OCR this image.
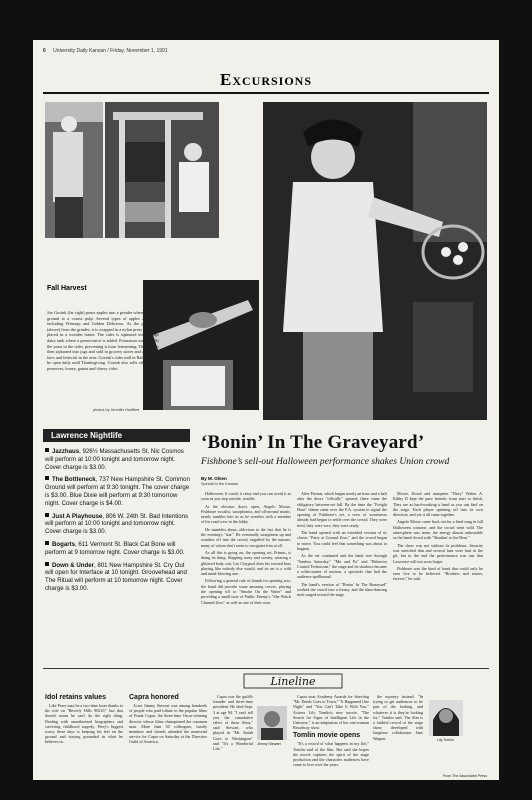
6 University Daily Kansan / Friday, November 1, 1991
Excursions
Fall Harvest
Joe Gosink (far right) pours apples into a grinder where they are ground to a coarse pulp. Several types of apples are used, including Winesap and Golden Delicious. As the pulp falls (above) from the grinder, it is wrapped in a nylon press cloth and placed in a wooden frame. The cider is siphoned into a large dairy tank where a preservative is added. Potassium sorbate kills the yeast in the cider, preventing it from fermenting. The cider is then siphoned into jugs and sold in grocery stores and at various fairs and festivals in the area. Gosink's cider mill in Baldwin will be open daily until Thanksgiving. Gosink also sells other fruits, preserves, honey, grains and cherry cider.
photos by Jennifer Hoeffner
Lawrence Nightlife
Jazzhaus, 926½ Massachusetts St. Nic Cosmos will perform at 10:00 tonight and tomorrow night. Cover charge is $3.00.
The Bottleneck, 737 New Hampshire St. Common Ground will perform at 9:30 tonight. The cover charge is $3.00. Blue Dixie will perform at 9:30 tomorrow night. Cover charge is $4.00.
Just A Playhouse, 806 W. 24th St. Bad Intentions will perform at 10:00 tonight and tomorrow night. Cover charge is $3.00.
Bogarts, 611 Vermont St. Black Cat Bone will perform at 9 tomorrow night. Cover charge is $3.00.
Down & Under, 801 New Hampshire St. Cry Out will open for Interface at 10 tonight. Groovehead and The Ritual will perform at 10 tomorrow night. Cover charge is $3.00.
‘Bonin’ In The Graveyard’
Fishbone’s sell-out Halloween performance shakes Union crowd
By M. Olsen
Special to the Kansan

Halloween. It could, it rainy and you can avoid it as soon as you step outside, trouble.

At the elevator doors open, Angelo Moore, Fishbone vocalist, saxophonist, and all-around manic, nearly tumbles into us as he wrestles with a member of his road crew in the lobby.

He stumbles about, oblivious to the fact that he is the evening's "star." He eventually straightens up and wanders off into the crowd, engulfed by the masses, many of whom don't seem to recognize him at all.

As all this is going on, the opening act, Primus, is doing its thing. Slapping away and sweaty, wearing a glittered body suit, Les Claypool does his twisted bass playing like nobody else would, and its set is a wild and mind-blowing one.

Following a general rule of thumb for opening acts, the band did provide some amusing covers, playing the opening riff to "Smoke On the Water" and providing a small taste of Public Enemy's "She Watch Channel Zero" as well as one of their own.

After Primus, which began nearly an hour and a half after the doors "offically" opened, there came the obligatory between-set lull. By the time the "Freight Horn" theme came over the P.A. system to signal the opening of Fishbone's set, a crew of wearinesss already had begun to settle over the crowd. They were tired, they were sore, they were ready.

The band opened with an extended version of its classic "Party at Ground Zero," and the crowd began to move. You could feel that something was about to happen.

As the set continued and the band tore through "Sunless Saturday," "Ma and Pa" and "Behavior Control Technician," the stage and its shadows became a rollercoaster of motion, a spectacle that had the audience spellbound.

The band's version of "Bonin' In The Boneyard" worked the crowd into a frenzy, and the slam-dancing mob surged toward the stage.

Moore, Dowd and trumpeter "Dirty" Walter A. Kibby II kept the pace frenetic from start to finish. They are as hard-working a band as you can find on the stage. Each player spinning off into its own direction, and yet it all came together.

Angelo Moore came back out for a final song in full Halloween costume, and the crowd went wild. The atmosphere was tense, the energy almost unbearable as the band closed with "Skankin' to the Beat."

The show was not without its problems. Security was stretched thin and several fans were hurt in the pit, but in the end the performance was one that Lawrence will not soon forget.

Fishbone was the kind of band that could only be seen live to be believed. "Brothers and sisters, forever," he said.

Lineline

Idol retains values

Like Perry may be a two-time loser thanks to his role on "Beverly Hills 90210," but that doesn't mean he can't do the right thing. Dealing with unauthorized biographers and surviving childhood tragedy, Perry's biggest worry these days is keeping his feet on the ground and staying grounded in what he believes in.

Capra honored

Actor Jimmy Stewart was among hundreds of people who paid tribute to the popular films of Frank Capra, the three-time Oscar-winning director whose films championed the common man. More than 30 colleagues, family members and friends attended the memorial service for Capra on Saturday at the Directors Guild of America.

Capra was the guild's founder and three-time president. He died Sept. 3 at age 94. "I can't tell you the cumulative effect of those films," said Stewart, who played in "Mr. Smith Goes to Washington" and "It's a Wonderful Life."

Jimmy Stewart

Capra won Academy Awards for directing "Mr. Deeds Goes to Town," "It Happened One Night" and "You Can't Take It With You." Actress Lily Tomlin's new movie, "The Search for Signs of Intelligent Life in the Universe," is an adaptation of her one-woman Broadway show.

Tomlin movie opens

"It's a record of what happens in my life," Tomlin said of the film. She said she hopes the movie captures the spirit of the stage production and the characters audiences have come to love over the years.

the mystery instead. "In trying to get audiences to be part of the looking, and whatever it is they're looking for," Tomlin said. The film is a faithful record of the stage show, developed with longtime collaborator Jane Wagner.	Lily Tomlin
From The Associated Press
